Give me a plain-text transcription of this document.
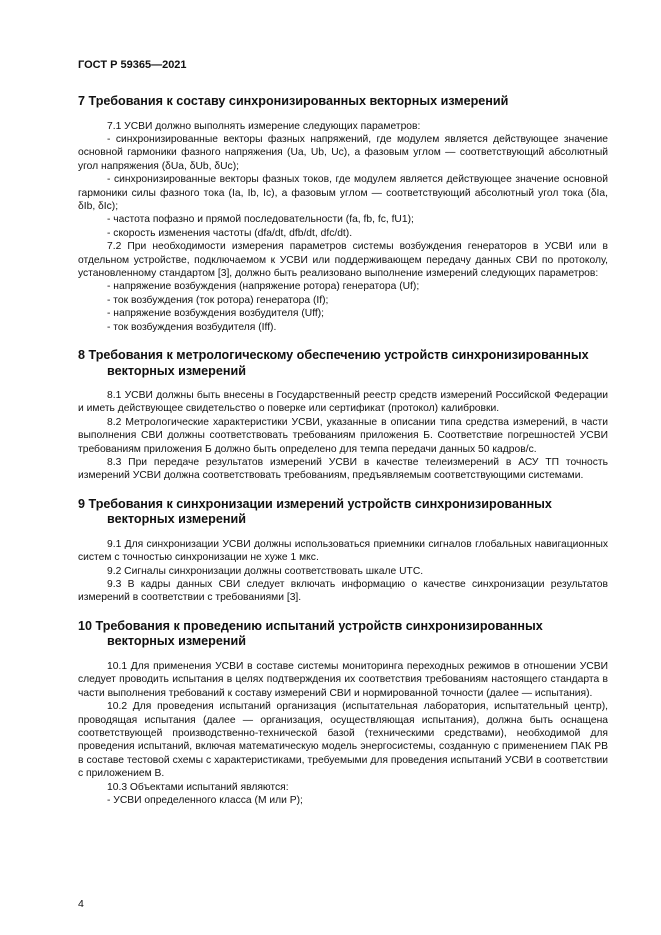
ГОСТ Р 59365—2021
7 Требования к составу синхронизированных векторных измерений

7.1 УСВИ должно выполнять измерение следующих параметров:

- синхронизированные векторы фазных напряжений, где модулем является действующее значение основной гармоники фазного напряжения (Ua, Ub, Uc), а фазовым углом — соответствующий абсолютный угол напряжения (δUa, δUb, δUc);

- синхронизированные векторы фазных токов, где модулем является действующее значение основной гармоники силы фазного тока (Ia, Ib, Ic), а фазовым углом — соответствующий абсолютный угол тока (δIa, δIb, δIc);

- частота пофазно и прямой последовательности (fa, fb, fc, fU1);

- скорость изменения частоты (dfa/dt, dfb/dt, dfc/dt).

7.2 При необходимости измерения параметров системы возбуждения генераторов в УСВИ или в отдельном устройстве, подключаемом к УСВИ или поддерживающем передачу данных СВИ по протоколу, установленному стандартом [3], должно быть реализовано выполнение измерений следующих параметров:

- напряжение возбуждения (напряжение ротора) генератора (Uf);

- ток возбуждения (ток ротора) генератора (If);

- напряжение возбуждения возбудителя (Uff);

- ток возбуждения возбудителя (Iff).

8 Требования к метрологическому обеспечению устройств синхронизированных векторных измерений

8.1 УСВИ должны быть внесены в Государственный реестр средств измерений Российской Федерации и иметь действующее свидетельство о поверке или сертификат (протокол) калибровки.

8.2 Метрологические характеристики УСВИ, указанные в описании типа средства измерений, в части выполнения СВИ должны соответствовать требованиям приложения Б. Соответствие погрешностей УСВИ требованиям приложения Б должно быть определено для темпа передачи данных 50 кадров/с.

8.3 При передаче результатов измерений УСВИ в качестве телеизмерений в АСУ ТП точность измерений УСВИ должна соответствовать требованиям, предъявляемым соответствующими системами.

9 Требования к синхронизации измерений устройств синхронизированных векторных измерений

9.1 Для синхронизации УСВИ должны использоваться приемники сигналов глобальных навигационных систем с точностью синхронизации не хуже 1 мкс.

9.2 Сигналы синхронизации должны соответствовать шкале UTC.

9.3 В кадры данных СВИ следует включать информацию о качестве синхронизации результатов измерений в соответствии с требованиями [3].

10 Требования к проведению испытаний устройств синхронизированных векторных измерений

10.1 Для применения УСВИ в составе системы мониторинга переходных режимов в отношении УСВИ следует проводить испытания в целях подтверждения их соответствия требованиям настоящего стандарта в части выполнения требований к составу измерений СВИ и нормированной точности (далее — испытания).

10.2 Для проведения испытаний организация (испытательная лаборатория, испытательный центр), проводящая испытания (далее — организация, осуществляющая испытания), должна быть оснащена соответствующей производственно-технической базой (техническими средствами), необходимой для проведения испытаний, включая математическую модель энергосистемы, созданную с применением ПАК РВ в составе тестовой схемы с характеристиками, требуемыми для проведения испытаний УСВИ в соответствии с приложением В.

10.3 Объектами испытаний являются:

- УСВИ определенного класса (М или Р);

4
